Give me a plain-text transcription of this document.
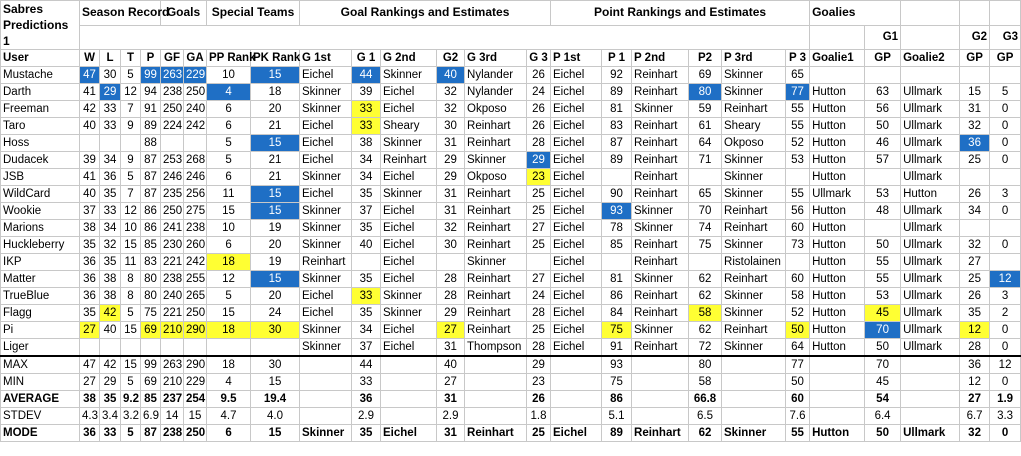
Sabres Predictions 1	Season Record				Goals		Special Teams		Goal Rankings and Estimates						Point Rankings and Estimates						Goalies				
																						G1		G2	G3
User	W	L	T	P	GF	GA	PP Rank	PK Rank	G 1st	G 1	G 2nd	G2	G 3rd	G 3	P 1st	P 1	P 2nd	P2	P 3rd	P 3	Goalie1	GP	Goalie2	GP	GP
Mustache	47	30	5	99	263	229	10	15	Eichel	44	Skinner	40	Nylander	26	Eichel	92	Reinhart	69	Skinner	65					
Darth	41	29	12	94	238	250	4	18	Skinner	39	Eichel	32	Nylander	24	Eichel	89	Reinhart	80	Skinner	77	Hutton	63	Ullmark	15	5
Freeman	42	33	7	91	250	240	6	20	Skinner	33	Eichel	32	Okposo	26	Eichel	81	Skinner	59	Reinhart	55	Hutton	56	Ullmark	31	0
Taro	40	33	9	89	224	242	6	21	Eichel	33	Sheary	30	Reinhart	26	Eichel	83	Reinhart	61	Sheary	55	Hutton	50	Ullmark	32	0
Hoss				88			5	15	Eichel	38	Skinner	31	Reinhart	28	Eichel	87	Reinhart	64	Okposo	52	Hutton	46	Ullmark	36	0
Dudacek	39	34	9	87	253	268	5	21	Eichel	34	Reinhart	29	Skinner	29	Eichel	89	Reinhart	71	Skinner	53	Hutton	57	Ullmark	25	0
JSB	41	36	5	87	246	246	6	21	Skinner	34	Eichel	29	Okposo	23	Eichel		Reinhart		Skinner		Hutton		Ullmark		
WildCard	40	35	7	87	235	256	11	15	Eichel	35	Skinner	31	Reinhart	25	Eichel	90	Reinhart	65	Skinner	55	Ullmark	53	Hutton	26	3
Wookie	37	33	12	86	250	275	15	15	Skinner	37	Eichel	31	Reinhart	25	Eichel	93	Skinner	70	Reinhart	56	Hutton	48	Ullmark	34	0
Marions	38	34	10	86	241	238	10	19	Skinner	35	Eichel	32	Reinhart	27	Eichel	78	Skinner	74	Reinhart	60	Hutton		Ullmark		
Huckleberry	35	32	15	85	230	260	6	20	Skinner	40	Eichel	30	Reinhart	25	Eichel	85	Reinhart	75	Skinner	73	Hutton	50	Ullmark	32	0
IKP	36	35	11	83	221	242	18	19	Reinhart		Eichel		Skinner		Eichel		Reinhart		Ristolainen		Hutton	55	Ullmark	27	
Matter	36	38	8	80	238	255	12	15	Skinner	35	Eichel	28	Reinhart	27	Eichel	81	Skinner	62	Reinhart	60	Hutton	55	Ullmark	25	12
TrueBlue	36	38	8	80	240	265	5	20	Eichel	33	Skinner	28	Reinhart	24	Eichel	86	Reinhart	62	Skinner	58	Hutton	53	Ullmark	26	3
Flagg	35	42	5	75	221	250	15	24	Eichel	35	Skinner	29	Reinhart	28	Eichel	84	Reinhart	58	Skinner	52	Hutton	45	Ullmark	35	2
Pi	27	40	15	69	210	290	18	30	Skinner	34	Eichel	27	Reinhart	25	Eichel	75	Skinner	62	Reinhart	50	Hutton	70	Ullmark	12	0
Liger									Skinner	37	Eichel	31	Thompson	28	Eichel	91	Reinhart	72	Skinner	64	Hutton	50	Ullmark	28	0
MAX	47	42	15	99	263	290	18	30		44		40		29		93		80		77		70		36	12
MIN	27	29	5	69	210	229	4	15		33		27		23		75		58		50		45		12	0
AVERAGE	38	35	9.2	85	237	254	9.5	19.4		36		31		26		86		66.8		60		54		27	1.9
STDEV	4.3	3.4	3.2	6.9	14	15	4.7	4.0		2.9		2.9		1.8		5.1		6.5		7.6		6.4		6.7	3.3
MODE	36	33	5	87	238	250	6	15	Skinner	35	Eichel	31	Reinhart	25	Eichel	89	Reinhart	62	Skinner	55	Hutton	50	Ullmark	32	0
